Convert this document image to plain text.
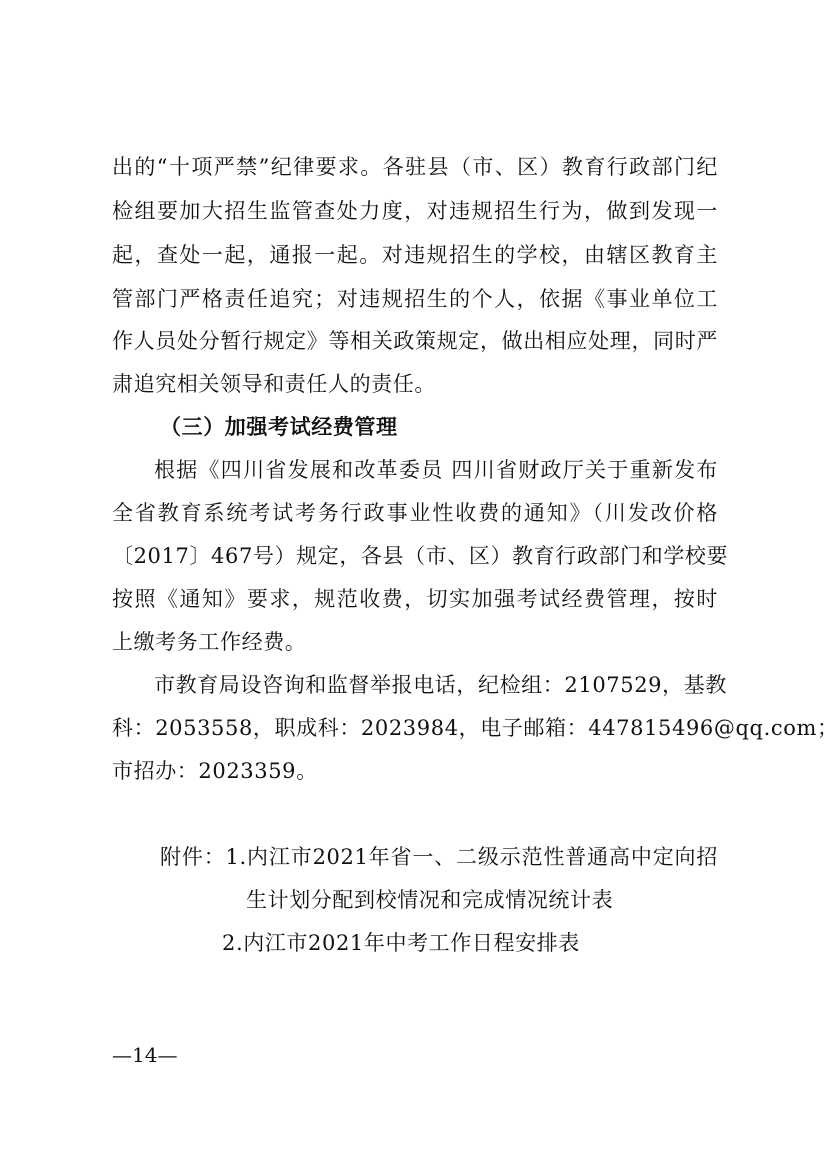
出的“十项严禁”纪律要求。各驻县（市、区）教育行政部门纪
检组要加大招生监管查处力度，对违规招生行为，做到发现一
起，查处一起，通报一起。对违规招生的学校，由辖区教育主
管部门严格责任追究；对违规招生的个人，依据《事业单位工
作人员处分暂行规定》等相关政策规定，做出相应处理，同时严
肃追究相关领导和责任人的责任。
（三）加强考试经费管理
根据《四川省发展和改革委员 四川省财政厅关于重新发布
全省教育系统考试考务行政事业性收费的通知》（川发改价格
〔2017〕467号）规定，各县（市、区）教育行政部门和学校要
按照《通知》要求，规范收费，切实加强考试经费管理，按时
上缴考务工作经费。
市教育局设咨询和监督举报电话，纪检组：2107529，基教
科：2053558，职成科：2023984，电子邮箱：447815496@qq.com；
市招办：2023359。
附件：1.内江市2021年省一、二级示范性普通高中定向招
生计划分配到校情况和完成情况统计表
2.内江市2021年中考工作日程安排表
—14—
